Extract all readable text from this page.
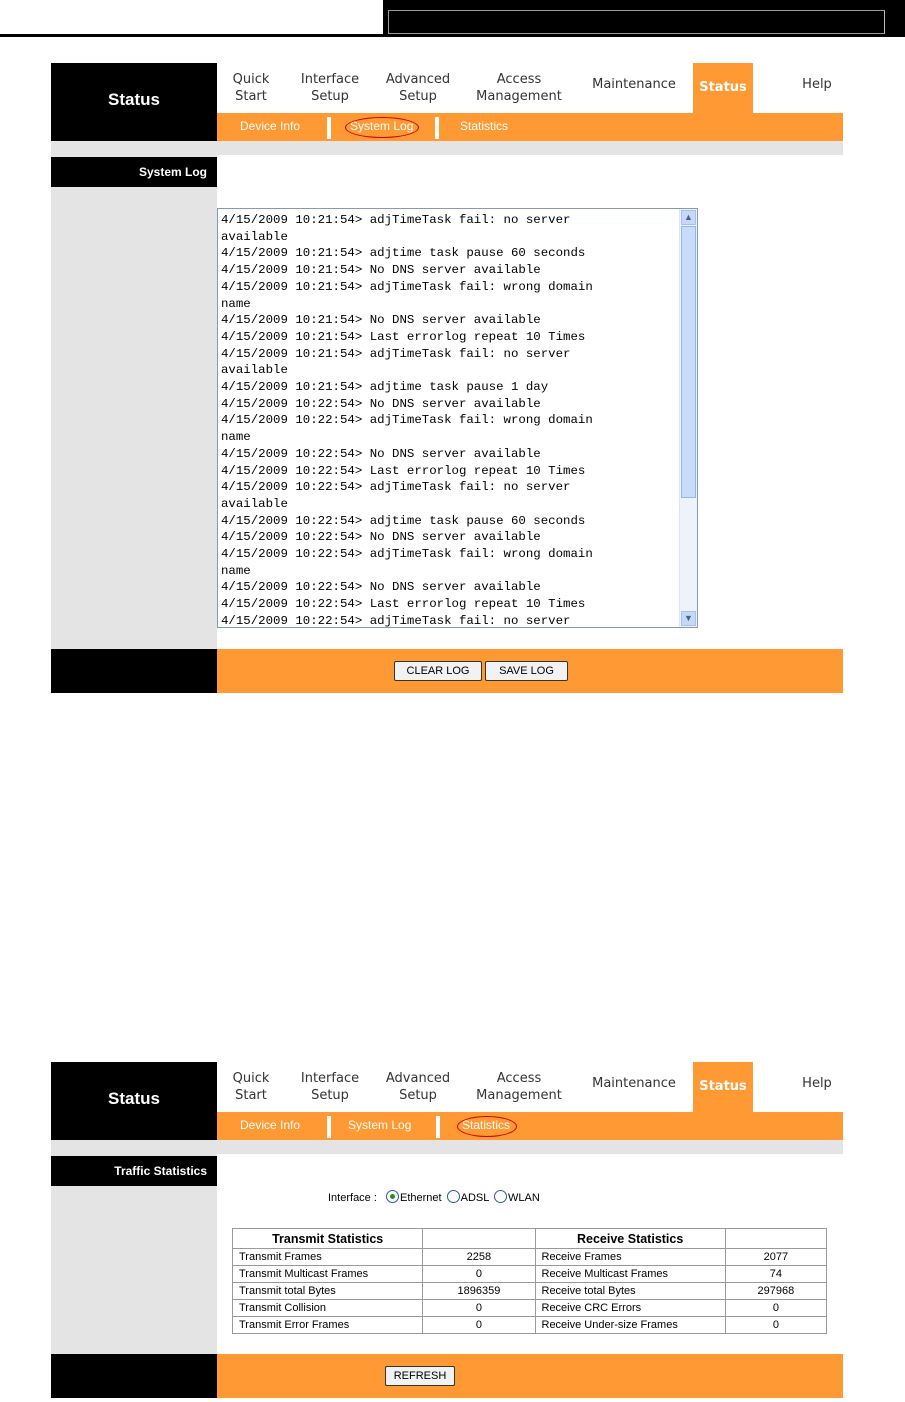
Status
Quick
Start
Interface
Setup
Advanced
Setup
Access
Management
Maintenance	Status	Help
Device Info	System Log	Statistics
System Log
4/15/2009 10:21:54> adjTimeTask fail: no server
available
4/15/2009 10:21:54> adjtime task pause 60 seconds
4/15/2009 10:21:54> No DNS server available
4/15/2009 10:21:54> adjTimeTask fail: wrong domain
name
4/15/2009 10:21:54> No DNS server available
4/15/2009 10:21:54> Last errorlog repeat 10 Times
4/15/2009 10:21:54> adjTimeTask fail: no server
available
4/15/2009 10:21:54> adjtime task pause 1 day
4/15/2009 10:22:54> No DNS server available
4/15/2009 10:22:54> adjTimeTask fail: wrong domain
name
4/15/2009 10:22:54> No DNS server available
4/15/2009 10:22:54> Last errorlog repeat 10 Times
4/15/2009 10:22:54> adjTimeTask fail: no server
available
4/15/2009 10:22:54> adjtime task pause 60 seconds
4/15/2009 10:22:54> No DNS server available
4/15/2009 10:22:54> adjTimeTask fail: wrong domain
name
4/15/2009 10:22:54> No DNS server available
4/15/2009 10:22:54> Last errorlog repeat 10 Times
4/15/2009 10:22:54> adjTimeTask fail: no server
▲
▼
CLEAR LOG	SAVE LOG
Status
Quick
Start
Interface
Setup
Advanced
Setup
Access
Management
Maintenance	Status	Help
Device Info	System Log	Statistics
Traffic Statistics
Interface : Ethernet ADSL WLAN
Transmit Statistics		Receive Statistics	
Transmit Frames	2258	Receive Frames	2077
Transmit Multicast Frames	0	Receive Multicast Frames	74
Transmit total Bytes	1896359	Receive total Bytes	297968
Transmit Collision	0	Receive CRC Errors	0
Transmit Error Frames	0	Receive Under-size Frames	0
REFRESH
